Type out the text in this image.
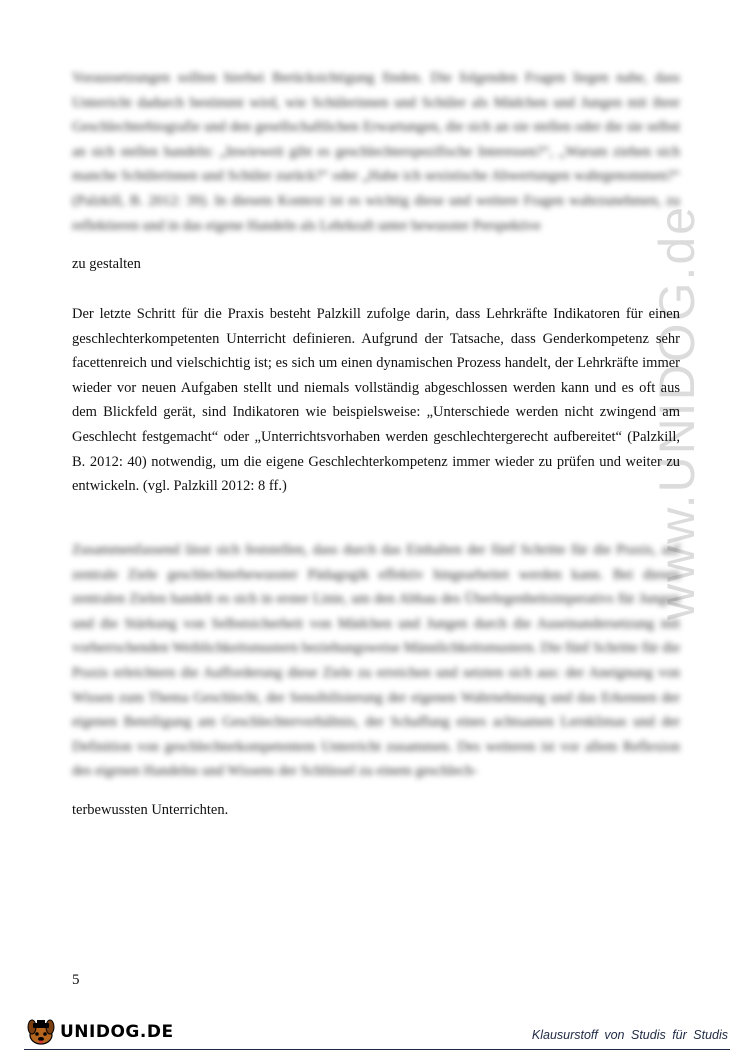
www.UNIDOG.de

Voraussetzungen sollten hierbei Berücksichtigung finden. Die folgenden Fragen liegen nahe, dass Unterricht dadurch bestimmt wird, wie Schülerinnen und Schüler als Mädchen und Jungen mit ihrer Geschlechterbiografie und den gesellschaftlichen Erwartungen, die sich an sie stellen oder die sie selbst an sich stellen handeln: „Inwieweit gibt es geschlechterspezifische Interessen?“, „Warum ziehen sich manche Schülerinnen und Schüler zurück?“ oder „Habe ich sexistische Abwertungen wahrgenommen?“ (Palzkill, B. 2012: 39). In diesem Kontext ist es wichtig diese und weitere Fragen wahrzunehmen, zu reflektieren und in das eigene Handeln als Lehrkraft unter bewusster Perspektive

zu gestalten

Der letzte Schritt für die Praxis besteht Palzkill zufolge darin, dass Lehrkräfte Indikatoren für einen geschlechterkompetenten Unterricht definieren. Aufgrund der Tatsache, dass Genderkompetenz sehr facettenreich und vielschichtig ist; es sich um einen dynamischen Prozess handelt, der Lehrkräfte immer wieder vor neuen Aufgaben stellt und niemals vollständig abgeschlossen werden kann und es oft aus dem Blickfeld gerät, sind Indikatoren wie beispielsweise: „Unterschiede werden nicht zwingend am Geschlecht festgemacht“ oder „Unterrichtsvorhaben werden geschlechtergerecht aufbereitet“ (Palzkill, B. 2012: 40) notwendig, um die eigene Geschlechterkompetenz immer wieder zu prüfen und weiter zu entwickeln. (vgl. Palzkill 2012: 8 ff.)

Zusammenfassend lässt sich feststellen, dass durch das Einhalten der fünf Schritte für die Praxis, auf zentrale Ziele geschlechterbewusster Pädagogik effektiv hingearbeitet werden kann. Bei diesen zentralen Zielen handelt es sich in erster Linie, um den Abbau des Überlegenheitsimperativs für Jungen und die Stärkung von Selbstsicherheit von Mädchen und Jungen durch die Auseinandersetzung mit vorherrschenden Weiblichkeitsmustern beziehungsweise Männlichkeitsmustern. Die fünf Schritte für die Praxis erleichtern die Aufforderung diese Ziele zu erreichen und setzten sich aus: der Aneignung von Wissen zum Thema Geschlecht, der Sensibilisierung der eigenen Wahrnehmung und das Erkennen der eigenen Beteiligung am Geschlechterverhältnis, der Schaffung eines achtsamen Lernklimas und der Definition von geschlechterkompetentem Unterricht zusammen. Des weiteren ist vor allem Reflexion des eigenen Handelns und Wissens der Schlüssel zu einem geschlech-

terbewussten Unterrichten.

5

UNIDOG.DE	Klausurstoff von Studis für Studis
